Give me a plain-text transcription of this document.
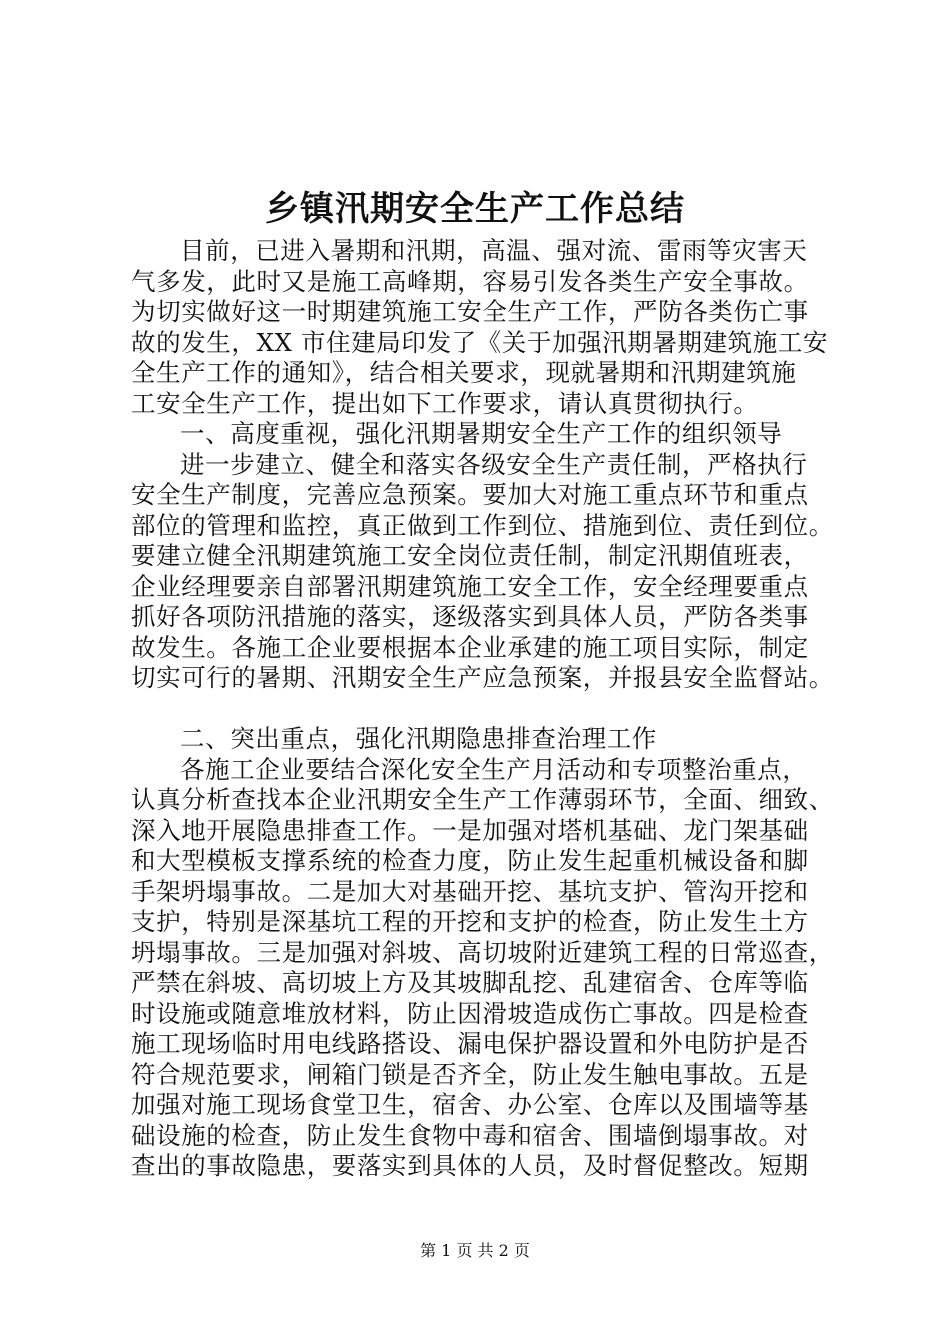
乡镇汛期安全生产工作总结
目前，已进入暑期和汛期，高温、强对流、雷雨等灾害天
气多发，此时又是施工高峰期，容易引发各类生产安全事故。
为切实做好这一时期建筑施工安全生产工作，严防各类伤亡事
故的发生，XX 市住建局印发了《关于加强汛期暑期建筑施工安
全生产工作的通知》，结合相关要求，现就暑期和汛期建筑施
工安全生产工作，提出如下工作要求，请认真贯彻执行。
一、高度重视，强化汛期暑期安全生产工作的组织领导
进一步建立、健全和落实各级安全生产责任制，严格执行
安全生产制度，完善应急预案。要加大对施工重点环节和重点
部位的管理和监控，真正做到工作到位、措施到位、责任到位。
要建立健全汛期建筑施工安全岗位责任制，制定汛期值班表，
企业经理要亲自部署汛期建筑施工安全工作，安全经理要重点
抓好各项防汛措施的落实，逐级落实到具体人员，严防各类事
故发生。各施工企业要根据本企业承建的施工项目实际，制定
切实可行的暑期、汛期安全生产应急预案，并报县安全监督站。
二、突出重点，强化汛期隐患排查治理工作
各施工企业要结合深化安全生产月活动和专项整治重点，
认真分析查找本企业汛期安全生产工作薄弱环节，全面、细致、
深入地开展隐患排查工作。一是加强对塔机基础、龙门架基础
和大型模板支撑系统的检查力度，防止发生起重机械设备和脚
手架坍塌事故。二是加大对基础开挖、基坑支护、管沟开挖和
支护，特别是深基坑工程的开挖和支护的检查，防止发生土方
坍塌事故。三是加强对斜坡、高切坡附近建筑工程的日常巡查，
严禁在斜坡、高切坡上方及其坡脚乱挖、乱建宿舍、仓库等临
时设施或随意堆放材料，防止因滑坡造成伤亡事故。四是检查
施工现场临时用电线路搭设、漏电保护器设置和外电防护是否
符合规范要求，闸箱门锁是否齐全，防止发生触电事故。五是
加强对施工现场食堂卫生，宿舍、办公室、仓库以及围墙等基
础设施的检查，防止发生食物中毒和宿舍、围墙倒塌事故。对
查出的事故隐患，要落实到具体的人员，及时督促整改。短期
第 1 页 共 2 页
